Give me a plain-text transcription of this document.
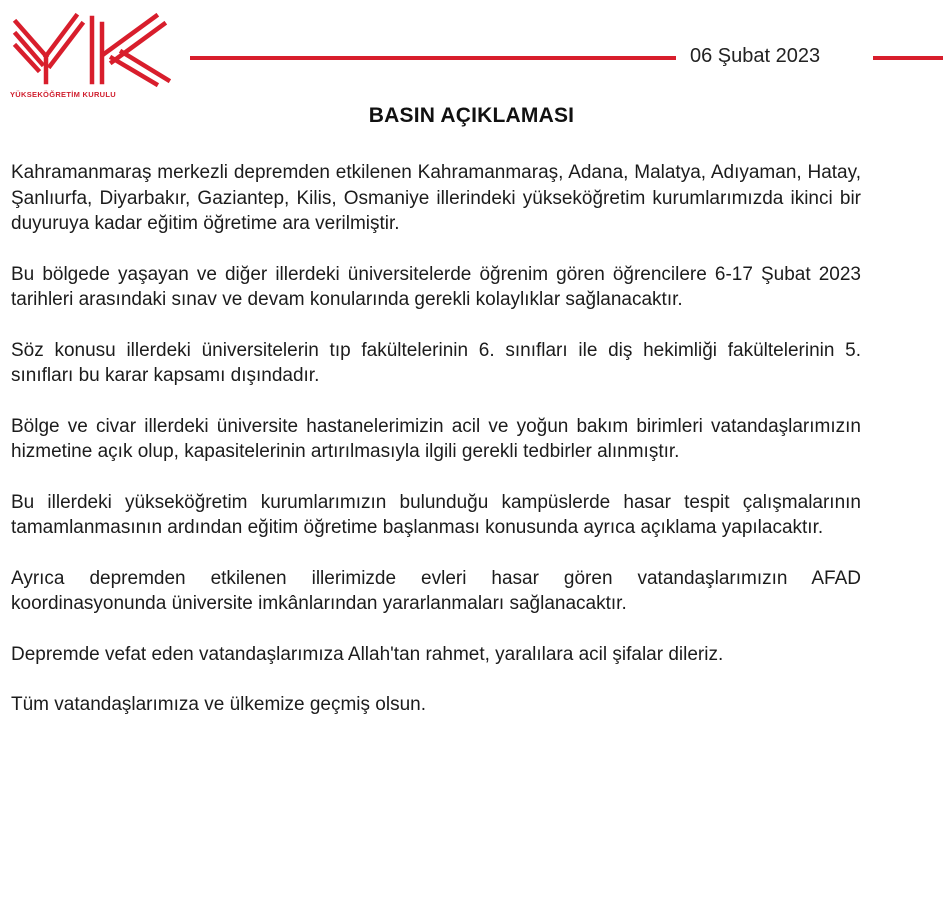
YÜKSEKÖĞRETİM KURULU
06 Şubat 2023
BASIN AÇIKLAMASI

Kahramanmaraş merkezli depremden etkilenen Kahramanmaraş, Adana, Malatya, Adıyaman, Hatay, Şanlıurfa, Diyarbakır, Gaziantep, Kilis, Osmaniye illerindeki yükseköğretim kurumlarımızda ikinci bir duyuruya kadar eğitim öğretime ara verilmiştir.

Bu bölgede yaşayan ve diğer illerdeki üniversitelerde öğrenim gören öğrencilere 6-17 Şubat 2023 tarihleri arasındaki sınav ve devam konularında gerekli kolaylıklar sağlanacaktır.

Söz konusu illerdeki üniversitelerin tıp fakültelerinin 6. sınıfları ile diş hekimliği fakültelerinin 5. sınıfları bu karar kapsamı dışındadır.

Bölge ve civar illerdeki üniversite hastanelerimizin acil ve yoğun bakım birimleri vatandaşlarımızın hizmetine açık olup, kapasitelerinin artırılmasıyla ilgili gerekli tedbirler alınmıştır.

Bu illerdeki yükseköğretim kurumlarımızın bulunduğu kampüslerde hasar tespit çalışmalarının tamamlanmasının ardından eğitim öğretime başlanması konusunda ayrıca açıklama yapılacaktır.

Ayrıca depremden etkilenen illerimizde evleri hasar gören vatandaşlarımızın AFAD koordinasyonunda üniversite imkânlarından yararlanmaları sağlanacaktır.

Depremde vefat eden vatandaşlarımıza Allah'tan rahmet, yaralılara acil şifalar dileriz.

Tüm vatandaşlarımıza ve ülkemize geçmiş olsun.
